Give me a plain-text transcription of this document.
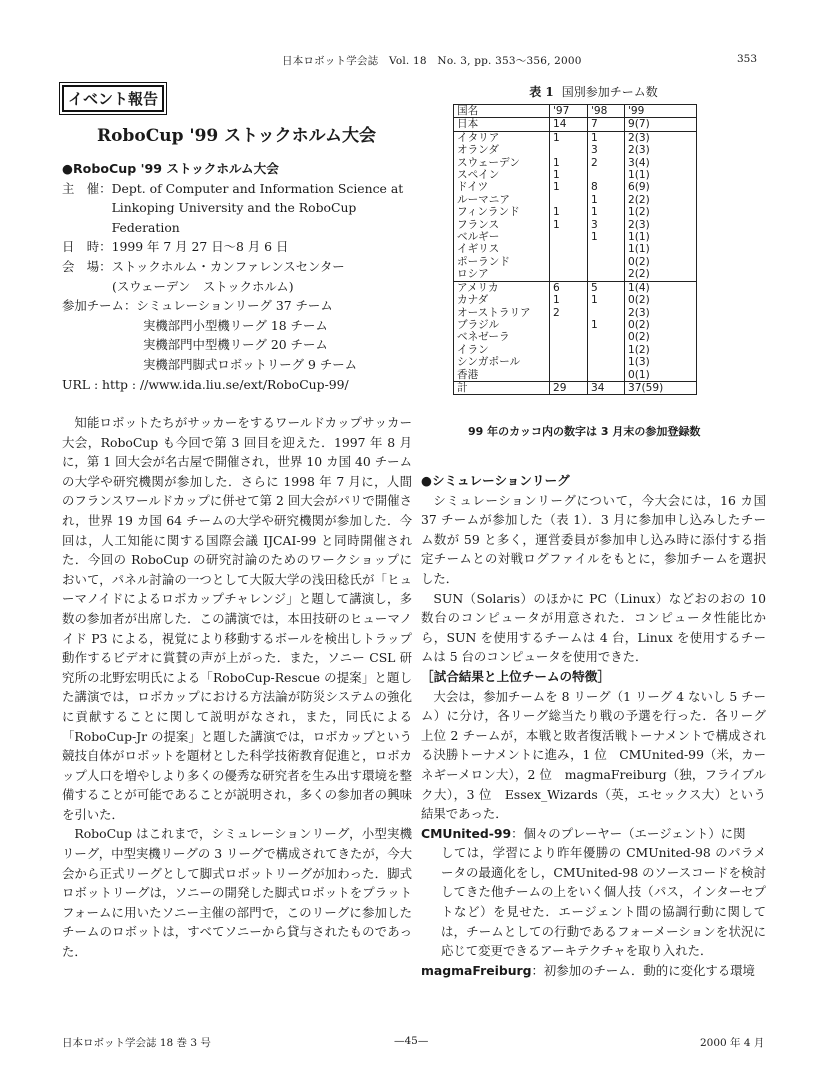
日本ロボット学会誌　Vol. 18　No. 3, pp. 353～356, 2000	353
イベント報告
RoboCup '99 ストックホルム大会
●RoboCup '99 ストックホルム大会
主　催： Dept. of Computer and Information Science at Linkoping University and the RoboCup Federation
日　時： 1999 年 7 月 27 日～8 月 6 日
会　場： ストックホルム・カンファレンスセンター
(スウェーデン　ストックホルム)
参加チーム： シミュレーションリーグ 37 チーム
実機部門小型機リーグ 18 チーム
実機部門中型機リーグ 20 チーム
実機部門脚式ロボットリーグ 9 チーム
URL : http : //www.ida.liu.se/ext/RoboCup-99/

知能ロボットたちがサッカーをするワールドカップサッカー大会，RoboCup も今回で第 3 回目を迎えた．1997 年 8 月に，第 1 回大会が名古屋で開催され，世界 10 カ国 40 チームの大学や研究機関が参加した．さらに 1998 年 7 月に，人間のフランスワールドカップに併せて第 2 回大会がパリで開催され，世界 19 カ国 64 チームの大学や研究機関が参加した．今回は，人工知能に関する国際会議 IJCAI-99 と同時開催された．今回の RoboCup の研究討論のためのワークショップにおいて，パネル討論の一つとして大阪大学の浅田稔氏が「ヒューマノイドによるロボカップチャレンジ」と題して講演し，多数の参加者が出席した．この講演では，本田技研のヒューマノイド P3 による，視覚により移動するボールを検出しトラップ動作するビデオに賞賛の声が上がった．また，ソニー CSL 研究所の北野宏明氏による「RoboCup-Rescue の提案」と題した講演では，ロボカップにおける方法論が防災システムの強化に貢献することに関して説明がなされ，また，同氏による「RoboCup-Jr の提案」と題した講演では，ロボカップという競技自体がロボットを題材とした科学技術教育促進と，ロボカップ人口を増やしより多くの優秀な研究者を生み出す環境を整備することが可能であることが説明され，多くの参加者の興味を引いた．

RoboCup はこれまで，シミュレーションリーグ，小型実機リーグ，中型実機リーグの 3 リーグで構成されてきたが，今大会から正式リーグとして脚式ロボットリーグが加わった．脚式ロボットリーグは，ソニーの開発した脚式ロボットをプラットフォームに用いたソニー主催の部門で，このリーグに参加したチームのロボットは，すべてソニーから貸与されたものであった．

表 1 国別参加チーム数
国名	'97	'98	'99
日本	14	7	9(7)
イタリア	1	1	2(3)
オランダ		3	2(3)
スウェーデン	1	2	3(4)
スペイン	1		1(1)
ドイツ	1	8	6(9)
ルーマニア		1	2(2)
フィンランド	1	1	1(2)
フランス	1	3	2(3)
ベルギー		1	1(1)
イギリス			1(1)
ポーランド			0(2)
ロシア			2(2)
アメリカ	6	5	1(4)
カナダ	1	1	0(2)
オーストラリア	2		2(3)
ブラジル		1	0(2)
ベネゼーラ			0(2)
イラン			1(2)
シンガポール			1(3)
香港			0(1)
計	29	34	37(59)
99 年のカッコ内の数字は 3 月末の参加登録数
●シミュレーションリーグ

シミュレーションリーグについて，今大会には，16 カ国 37 チームが参加した（表 1）．3 月に参加申し込みしたチーム数が 59 と多く，運営委員が参加申し込み時に添付する指定チームとの対戦ログファイルをもとに，参加チームを選択した．

SUN（Solaris）のほかに PC（Linux）などおのおの 10 数台のコンピュータが用意された．コンピュータ性能比から，SUN を使用するチームは 4 台，Linux を使用するチームは 5 台のコンピュータを使用できた．

［試合結果と上位チームの特徴］

大会は，参加チームを 8 リーグ（1 リーグ 4 ないし 5 チーム）に分け，各リーグ総当たり戦の予選を行った．各リーグ上位 2 チームが，本戦と敗者復活戦トーナメントで構成される決勝トーナメントに進み，1 位　CMUnited-99（米，カーネギーメロン大），2 位　magmaFreiburg（独，フライブルク大），3 位　Essex_Wizards（英，エセックス大）という結果であった．

CMUnited-99：個々のプレーヤー（エージェント）に関
しては，学習により昨年優勝の CMUnited-98 のパラメータの最適化をし，CMUnited-98 のソースコードを検討してきた他チームの上をいく個人技（パス，インターセプトなど）を見せた．エージェント間の協調行動に関しては，チームとしての行動であるフォーメーションを状況に応じて変更できるアーキテクチャを取り入れた．
magmaFreiburg：初参加のチーム．動的に変化する環境
日本ロボット学会誌 18 巻 3 号	—45—	2000 年 4 月
